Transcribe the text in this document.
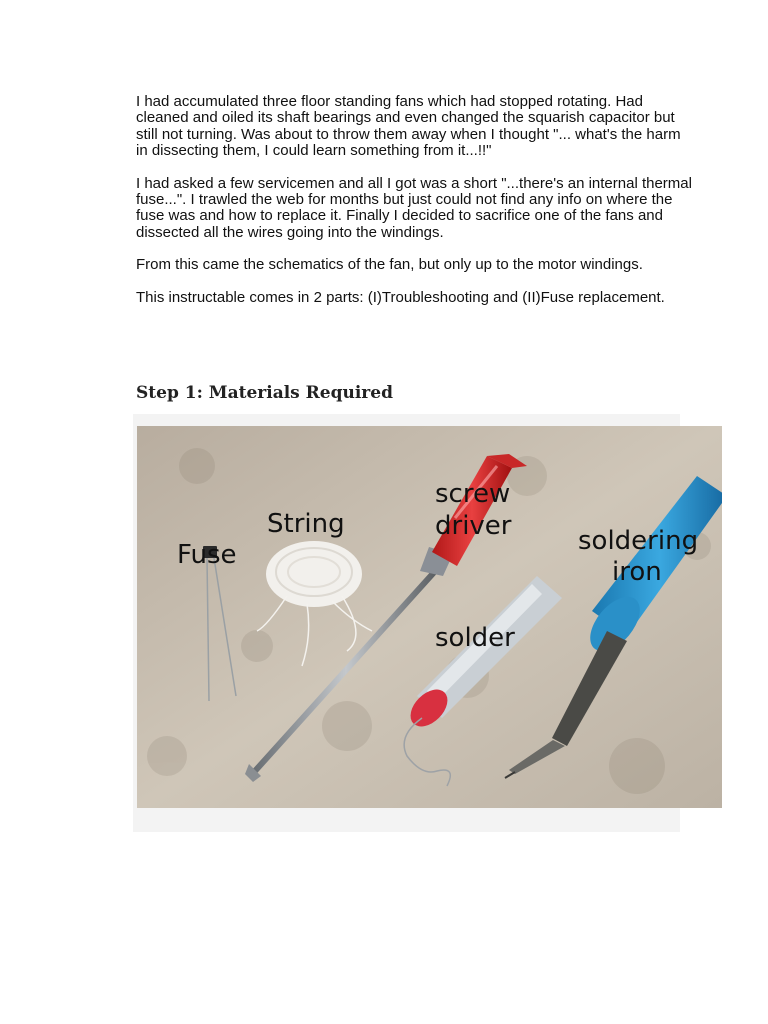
I had accumulated three floor standing fans which had stopped rotating. Had cleaned and oiled its shaft bearings and even changed the squarish capacitor but still not turning. Was about to throw them away when I thought "... what's the harm in dissecting them, I could learn something from it...!!"

I had asked a few servicemen and all I got was a short "...there's an internal thermal fuse...". I trawled the web for months but just could not find any info on where the fuse was and how to replace it. Finally I decided to sacrifice one of the fans and dissected all the wires going into the windings.

From this came the schematics of the fan, but only up to the motor windings.

This instructable comes in 2 parts: (I)Troubleshooting and (II)Fuse replacement.

Step 1: Materials Required
Fuse
String
screw
driver	soldering
iron
solder
